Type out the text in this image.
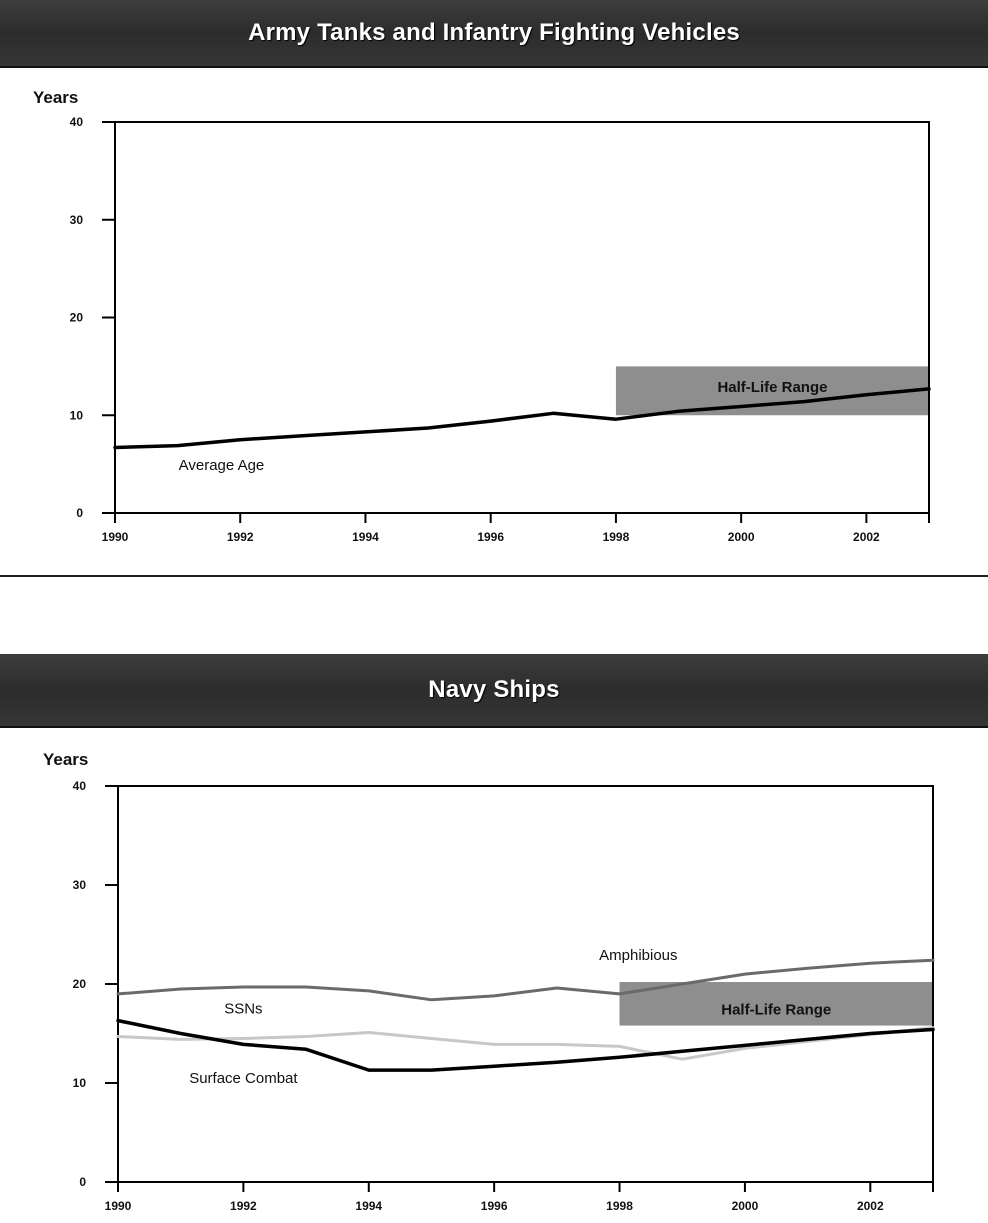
Army Tanks and Infantry Fighting Vehicles
Half-Life Range
0
10
20
30
40
1990	1992	1994	1996	1998	2000	2002
Years
Average Age
Navy Ships
Half-Life Range
0
10
20
30
40
1990	1992	1994	1996	1998	2000	2002
Years
Amphibious
SSNs
Surface Combat
